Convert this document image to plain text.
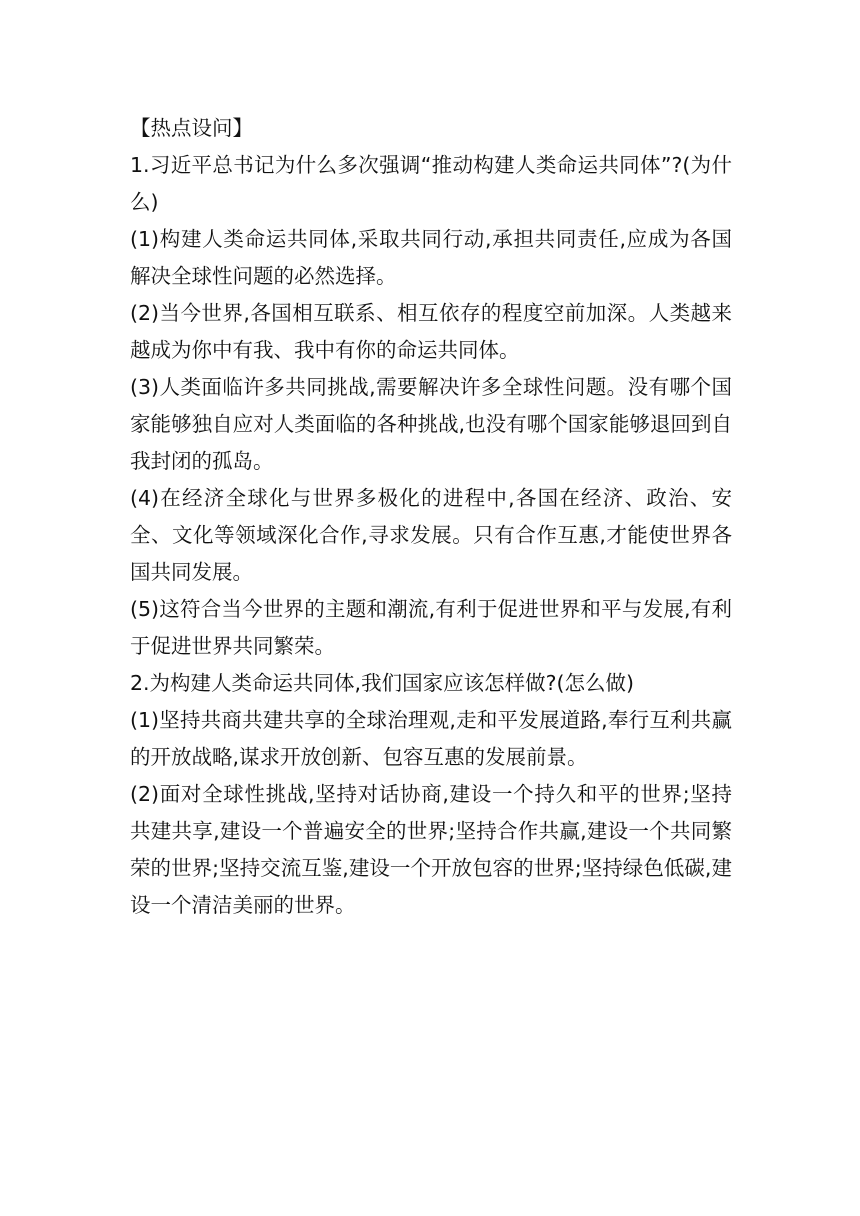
【热点设问】

1.习近平总书记为什么多次强调“推动构建人类命运共同体”?(为什么)

(1)构建人类命运共同体,采取共同行动,承担共同责任,应成为各国解决全球性问题的必然选择。

(2)当今世界,各国相互联系、相互依存的程度空前加深。人类越来越成为你中有我、我中有你的命运共同体。

(3)人类面临许多共同挑战,需要解决许多全球性问题。没有哪个国家能够独自应对人类面临的各种挑战,也没有哪个国家能够退回到自我封闭的孤岛。

(4)在经济全球化与世界多极化的进程中,各国在经济、政治、安全、文化等领域深化合作,寻求发展。只有合作互惠,才能使世界各国共同发展。

(5)这符合当今世界的主题和潮流,有利于促进世界和平与发展,有利于促进世界共同繁荣。

2.为构建人类命运共同体,我们国家应该怎样做?(怎么做)

(1)坚持共商共建共享的全球治理观,走和平发展道路,奉行互利共赢的开放战略,谋求开放创新、包容互惠的发展前景。

(2)面对全球性挑战,坚持对话协商,建设一个持久和平的世界;坚持共建共享,建设一个普遍安全的世界;坚持合作共赢,建设一个共同繁荣的世界;坚持交流互鉴,建设一个开放包容的世界;坚持绿色低碳,建设一个清洁美丽的世界。
